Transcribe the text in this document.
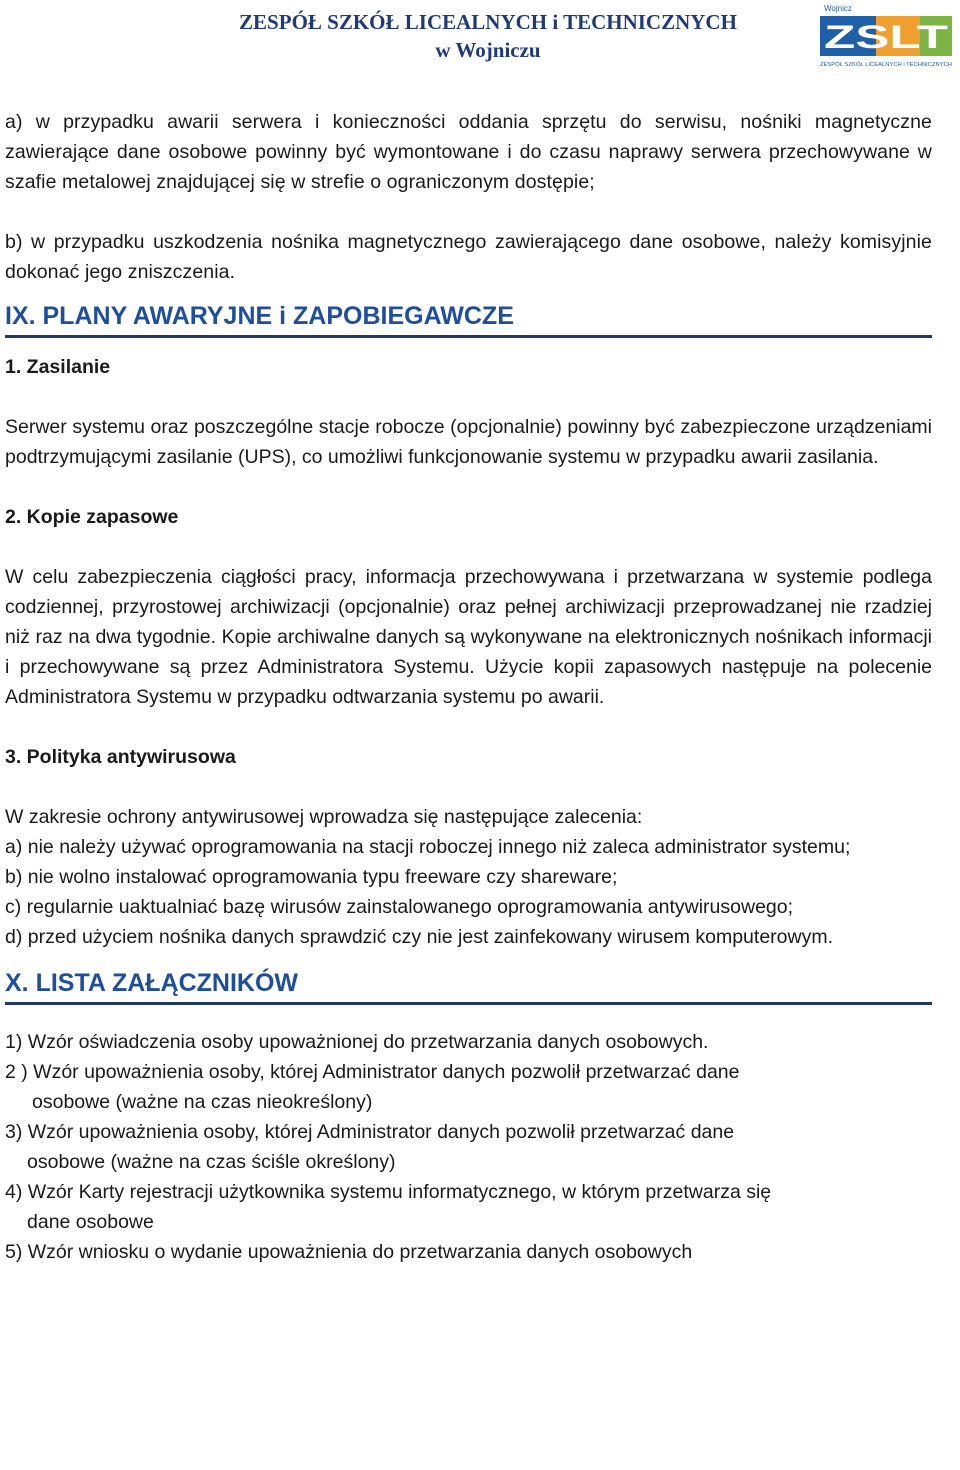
ZESPÓŁ SZKÓŁ LICEALNYCH i TECHNICZNYCH
w Wojniczu
Wojnicz
ZSLT
ZESPÓŁ SZKÓŁ LICEALNYCH i TECHNICZNYCH

a) w przypadku awarii serwera i konieczności oddania sprzętu do serwisu, nośniki magnetyczne zawierające dane osobowe powinny być wymontowane i do czasu naprawy serwera przechowywane w szafie metalowej znajdującej się w strefie o ograniczonym dostępie;

b) w przypadku uszkodzenia nośnika magnetycznego zawierającego dane osobowe, należy komisyjnie dokonać jego zniszczenia.

IX. PLANY AWARYJNE i ZAPOBIEGAWCZE

1. Zasilanie

Serwer systemu oraz poszczególne stacje robocze (opcjonalnie) powinny być zabezpieczone urządzeniami podtrzymującymi zasilanie (UPS), co umożliwi funkcjonowanie systemu w przypadku awarii zasilania.

2. Kopie zapasowe

W celu zabezpieczenia ciągłości pracy, informacja przechowywana i przetwarzana w systemie podlega codziennej, przyrostowej archiwizacji (opcjonalnie) oraz pełnej archiwizacji przeprowadzanej nie rzadziej niż raz na dwa tygodnie. Kopie archiwalne danych są wykonywane na elektronicznych nośnikach informacji i przechowywane są przez Administratora Systemu. Użycie kopii zapasowych następuje na polecenie Administratora Systemu w przypadku odtwarzania systemu po awarii.

3. Polityka antywirusowa

W zakresie ochrony antywirusowej wprowadza się następujące zalecenia:

a) nie należy używać oprogramowania na stacji roboczej innego niż zaleca administrator systemu;

b) nie wolno instalować oprogramowania typu freeware czy shareware;

c) regularnie uaktualniać bazę wirusów zainstalowanego oprogramowania antywirusowego;

d) przed użyciem nośnika danych sprawdzić czy nie jest zainfekowany wirusem komputerowym.

X. LISTA ZAŁĄCZNIKÓW

1) Wzór oświadczenia osoby upoważnionej do przetwarzania danych osobowych.

2 ) Wzór upoważnienia osoby, której Administrator danych pozwolił przetwarzać dane

osobowe (ważne na czas nieokreślony)

3) Wzór upoważnienia osoby, której Administrator danych pozwolił przetwarzać dane

osobowe (ważne na czas ściśle określony)

4) Wzór Karty rejestracji użytkownika systemu informatycznego, w którym przetwarza się

dane osobowe

5) Wzór wniosku o wydanie upoważnienia do przetwarzania danych osobowych
